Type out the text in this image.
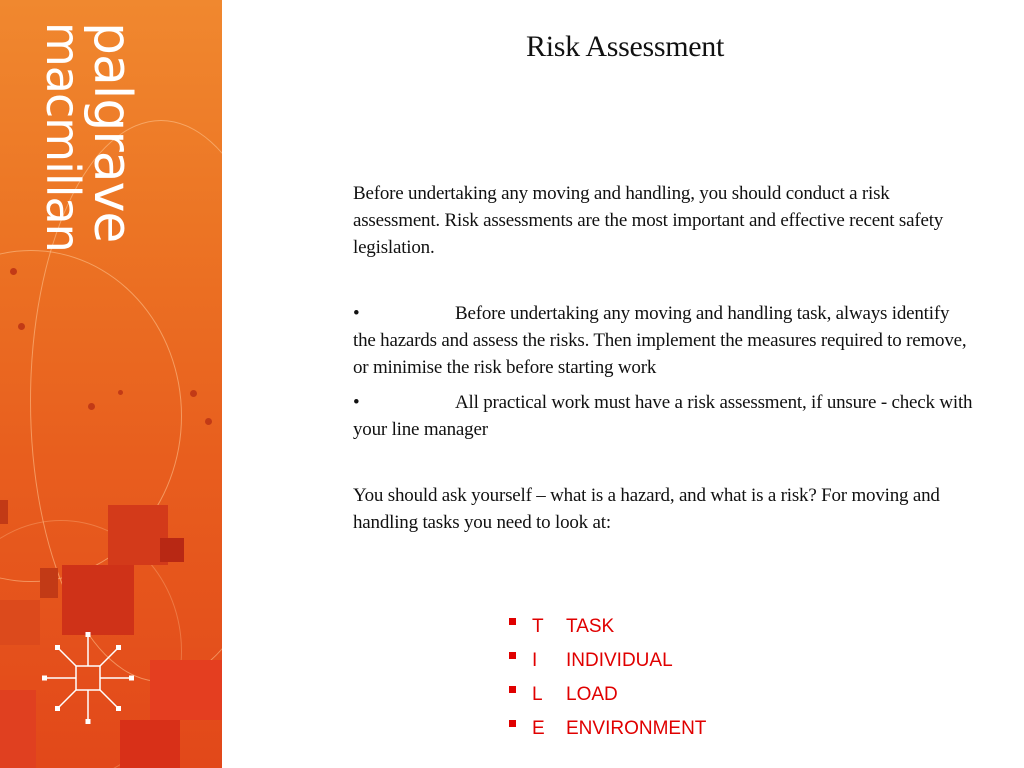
palgrave
macmillan	Risk Assessment

Before undertaking any moving and handling, you should conduct a risk assessment. Risk assessments are the most important and effective recent safety legislation.

•	Before undertaking any moving and handling task, always identify the hazards and assess the risks. Then implement the measures required to remove, or minimise the risk before starting work

•	All practical work must have a risk assessment, if unsure - check with your line manager

You should ask yourself – what is a hazard, and what is a risk? For moving and handling tasks you need to look at:

T TASK
I INDIVIDUAL
L LOAD
E ENVIRONMENT
